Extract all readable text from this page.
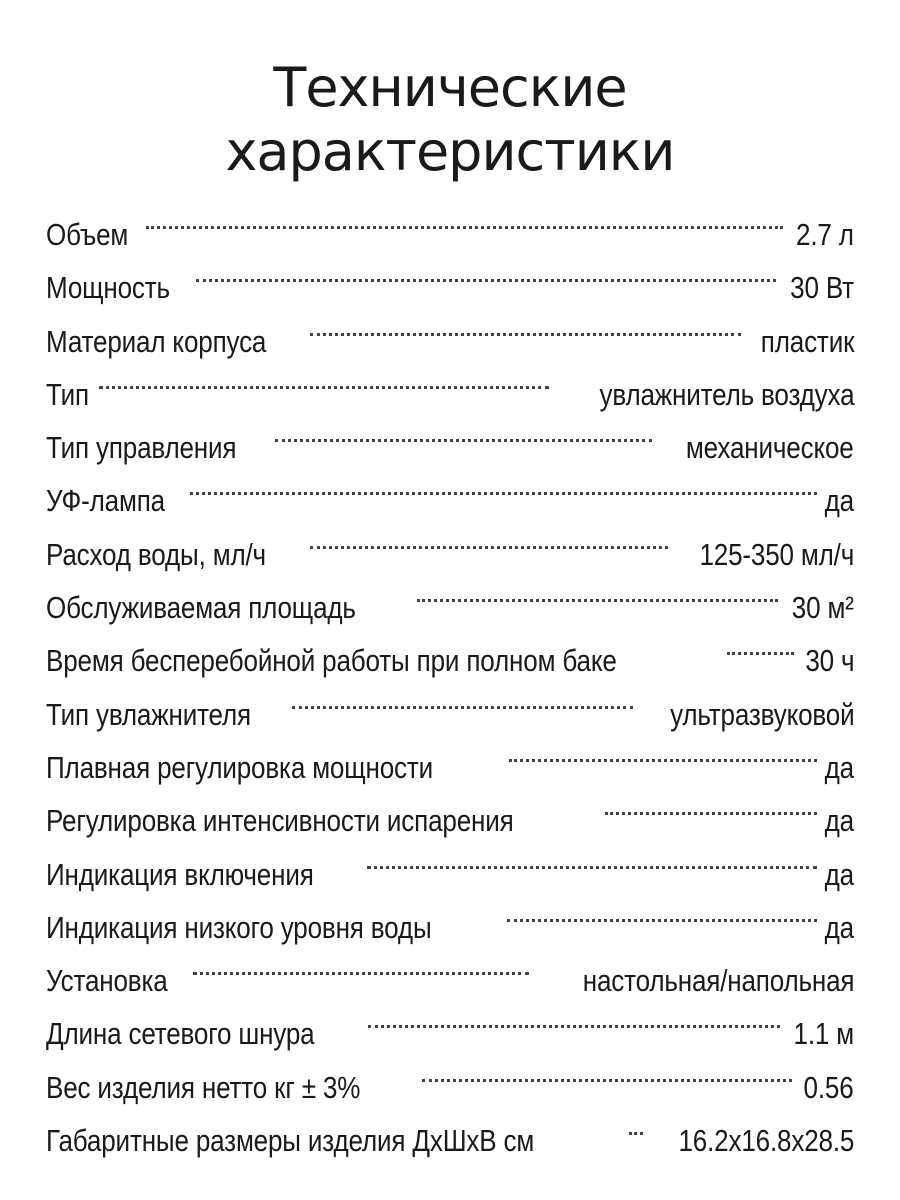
Технические
характеристики
Объем	2.7 л
Мощность	30 Вт
Материал корпуса	пластик
Тип	увлажнитель воздуха
Тип управления	механическое
УФ-лампа	да
Расход воды, мл/ч	125-350 мл/ч
Обслуживаемая площадь	30 м²
Время бесперебойной работы при полном баке	30 ч
Тип увлажнителя	ультразвуковой
Плавная регулировка мощности	да
Регулировка интенсивности испарения	да
Индикация включения	да
Индикация низкого уровня воды	да
Установка	настольная/напольная
Длина сетевого шнура	1.1 м
Вес изделия нетто кг ± 3%	0.56
Габаритные размеры изделия ДхШхВ см	16.2х16.8х28.5
